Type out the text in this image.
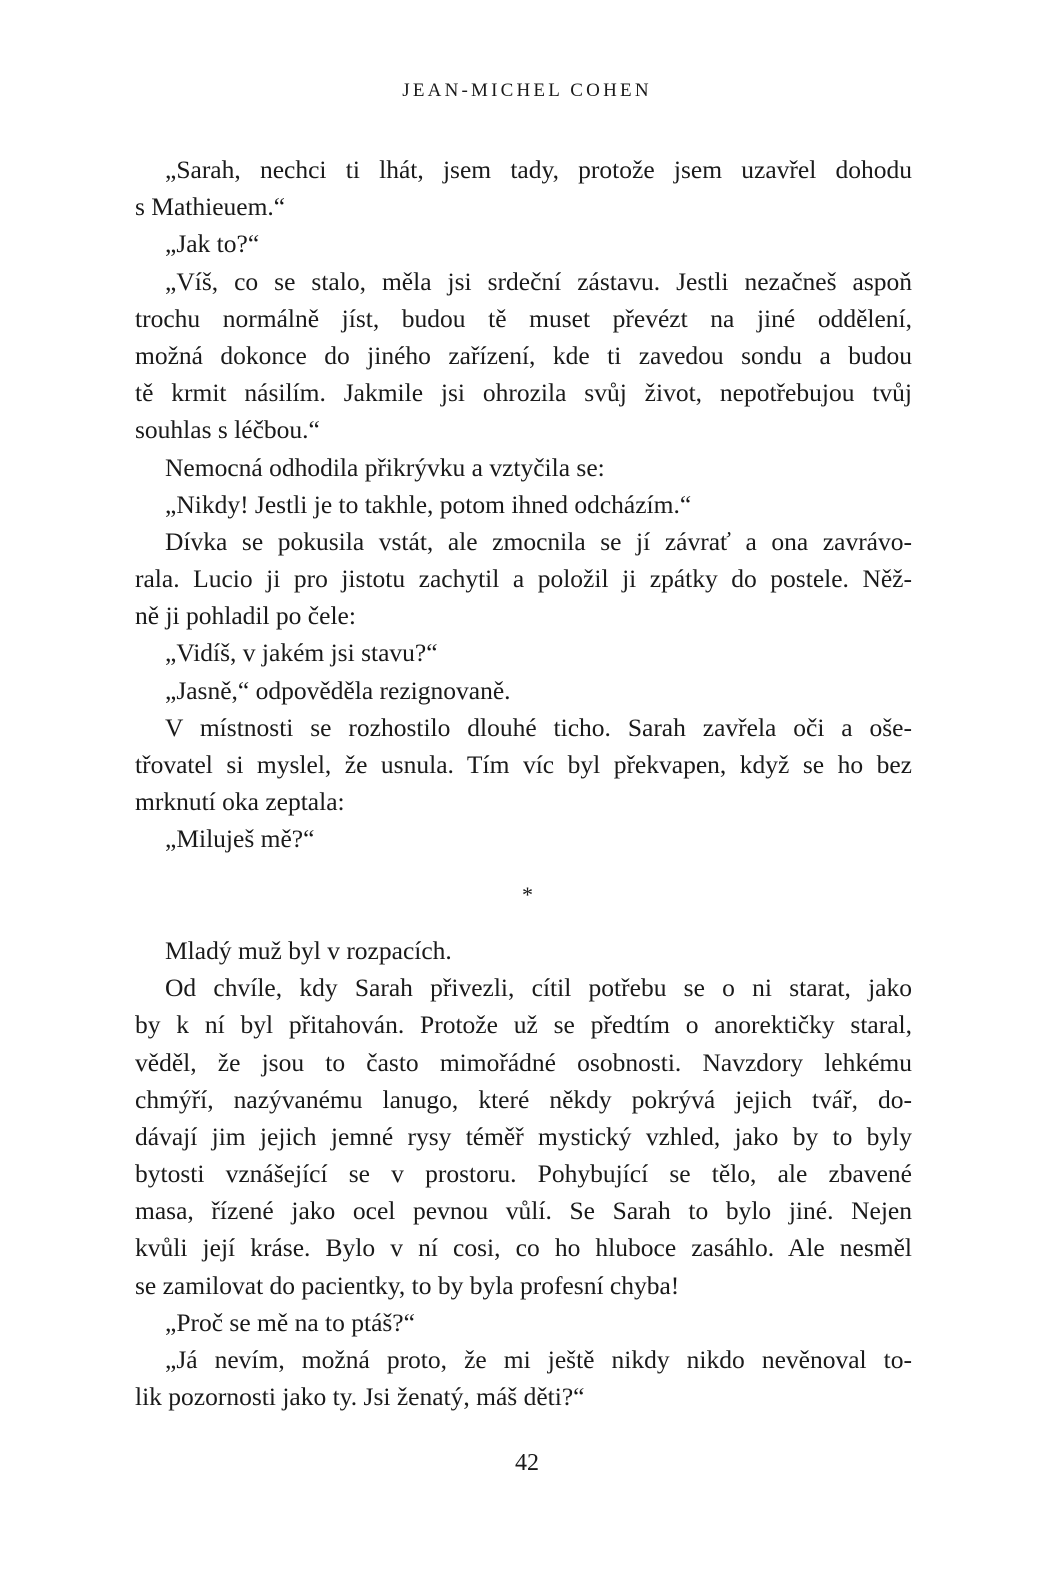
JEAN-MICHEL COHEN
„Sarah, nechci ti lhát, jsem tady, protože jsem uzavřel dohodu
s Mathieuem.“
„Jak to?“
„Víš, co se stalo, měla jsi srdeční zástavu. Jestli nezačneš aspoň
trochu normálně jíst, budou tě muset převézt na jiné oddělení,
možná dokonce do jiného zařízení, kde ti zavedou sondu a budou
tě krmit násilím. Jakmile jsi ohrozila svůj život, nepotřebujou tvůj
souhlas s léčbou.“
Nemocná odhodila přikrývku a vztyčila se:
„Nikdy! Jestli je to takhle, potom ihned odcházím.“
Dívka se pokusila vstát, ale zmocnila se jí závrať a ona zavrávo-
rala. Lucio ji pro jistotu zachytil a položil ji zpátky do postele. Něž-
ně ji pohladil po čele:
„Vidíš, v jakém jsi stavu?“
„Jasně,“ odpověděla rezignovaně.
V místnosti se rozhostilo dlouhé ticho. Sarah zavřela oči a oše-
třovatel si myslel, že usnula. Tím víc byl překvapen, když se ho bez
mrknutí oka zeptala:
„Miluješ mě?“
*
Mladý muž byl v rozpacích.
Od chvíle, kdy Sarah přivezli, cítil potřebu se o ni starat, jako
by k ní byl přitahován. Protože už se předtím o anorektičky staral,
věděl, že jsou to často mimořádné osobnosti. Navzdory lehkému
chmýří, nazývanému lanugo, které někdy pokrývá jejich tvář, do-
dávají jim jejich jemné rysy téměř mystický vzhled, jako by to byly
bytosti vznášející se v prostoru. Pohybující se tělo, ale zbavené
masa, řízené jako ocel pevnou vůlí. Se Sarah to bylo jiné. Nejen
kvůli její kráse. Bylo v ní cosi, co ho hluboce zasáhlo. Ale nesměl
se zamilovat do pacientky, to by byla profesní chyba!
„Proč se mě na to ptáš?“
„Já nevím, možná proto, že mi ještě nikdy nikdo nevěnoval to-
lik pozornosti jako ty. Jsi ženatý, máš děti?“
42
